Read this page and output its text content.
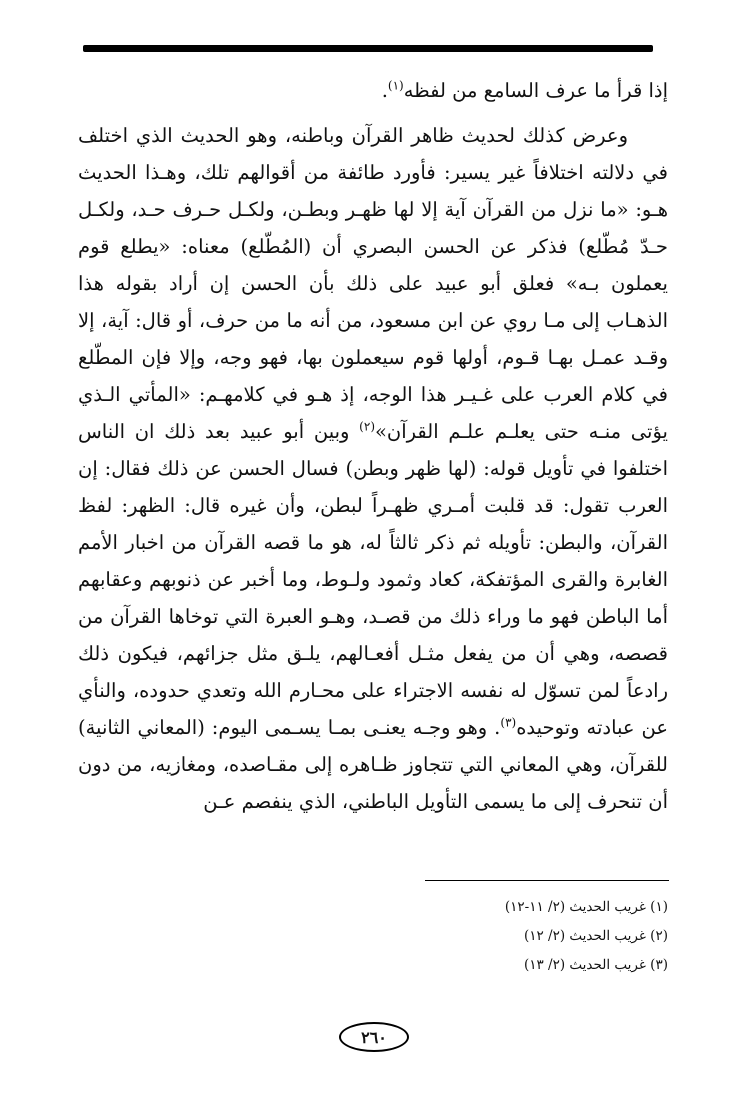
إذا قرأ ما عرف السامع من لفظه$^{(١)}$.

وعرض كذلك لحديث ظاهر القرآن وباطنه، وهو الحديث الذي اختلف في دلالته اختلافاً غير يسير: فأورد طائفة من أقوالهم تلك، وهـذا الحديث هـو: «ما نزل من القرآن آية إلا لها ظهـر وبطـن، ولكـل حـرف حـد، ولكـل حـدّ مُطّلع) فذكر عن الحسن البصري أن (المُطّلع) معناه: «يطلع قوم يعملون بـه» فعلق أبو عبيد على ذلك بأن الحسن إن أراد بقوله هذا الذهـاب إلى مـا روي عن ابن مسعود، من أنه ما من حرف، أو قال: آية، إلا وقـد عمـل بهـا قـوم، أولها قوم سيعملون بها، فهو وجه، وإلا فإن المطّلع في كلام العرب على غـيـر هذا الوجه، إذ هـو في كلامهـم: «المأتي الـذي يؤتى منـه حتى يعلـم علـم القرآن»$^{(٢)}$ وبين أبو عبيد بعد ذلك ان الناس اختلفوا في تأويل قوله: (لها ظهر وبطن) فسال الحسن عن ذلك فقال: إن العرب تقول: قد قلبت أمـري ظهـراً لبطن، وأن غيره قال: الظهر: لفظ القرآن، والبطن: تأويله ثم ذكر ثالثاً له، هو ما قصه القرآن من اخبار الأمم الغابرة والقرى المؤتفكة، كعاد وثمود ولـوط، وما أخبر عن ذنوبهم وعقابهم أما الباطن فهو ما وراء ذلك من قصـد، وهـو العبرة التي توخاها القرآن من قصصه، وهي أن من يفعل مثـل أفعـالهم، يلـق مثل جزائهم، فيكون ذلك رادعاً لمن تسوّل له نفسه الاجتراء على محـارم الله وتعدي حدوده، والنأي عن عبادته وتوحيده$^{(٣)}$. وهو وجـه يعنـى بمـا يسـمى اليوم: (المعاني الثانية) للقرآن، وهي المعاني التي تتجاوز ظـاهره إلى مقـاصده، ومغازيه، من دون أن تنحرف إلى ما يسمى التأويل الباطني، الذي ينفصم عـن

(١) غريب الحديث (٢/ ١١-١٢)
(٢) غريب الحديث (٢/ ١٢)
(٣) غريب الحديث (٢/ ١٣)
٢٦٠
